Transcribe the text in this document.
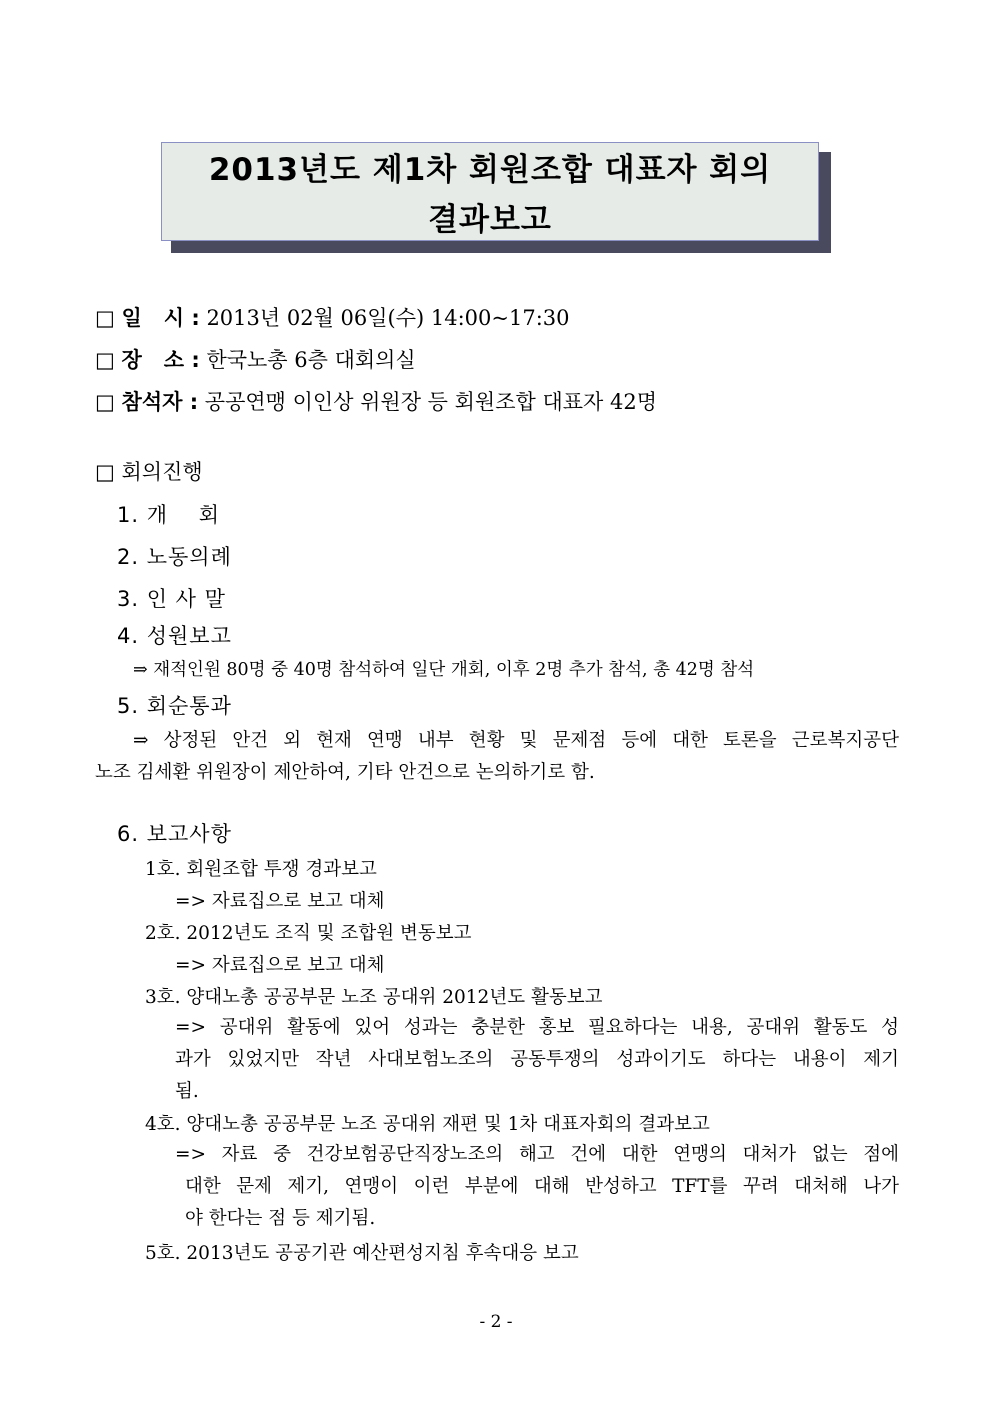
2013년도 제1차 회원조합 대표자 회의
결과보고
□ 일   시 : 2013년 02월 06일(수) 14:00~17:30
□ 장   소 : 한국노총 6층 대회의실
□ 참석자 : 공공연맹 이인상 위원장 등 회원조합 대표자 42명
□ 회의진행
1. 개    회
2. 노동의례
3. 인 사 말
4. 성원보고
⇒ 재적인원 80명 중 40명 참석하여 일단 개회, 이후 2명 추가 참석, 총 42명 참석
5. 회순통과
⇒ 상정된 안건 외 현재 연맹 내부 현황 및 문제점 등에 대한 토론을 근로복지공단
노조 김세환 위원장이 제안하여, 기타 안건으로 논의하기로 함.
6. 보고사항
1호. 회원조합 투쟁 경과보고
=> 자료집으로 보고 대체
2호. 2012년도 조직 및 조합원 변동보고
=> 자료집으로 보고 대체
3호. 양대노총 공공부문 노조 공대위 2012년도 활동보고
=> 공대위 활동에 있어 성과는 충분한 홍보 필요하다는 내용, 공대위 활동도 성
과가 있었지만 작년 사대보험노조의 공동투쟁의 성과이기도 하다는 내용이 제기
됨.
4호. 양대노총 공공부문 노조 공대위 재편 및 1차 대표자회의 결과보고
=> 자료 중 건강보험공단직장노조의 해고 건에 대한 연맹의 대처가 없는 점에
대한 문제 제기, 연맹이 이런 부분에 대해 반성하고 TFT를 꾸려 대처해 나가
야 한다는 점 등 제기됨.
5호. 2013년도 공공기관 예산편성지침 후속대응 보고
- 2 -
